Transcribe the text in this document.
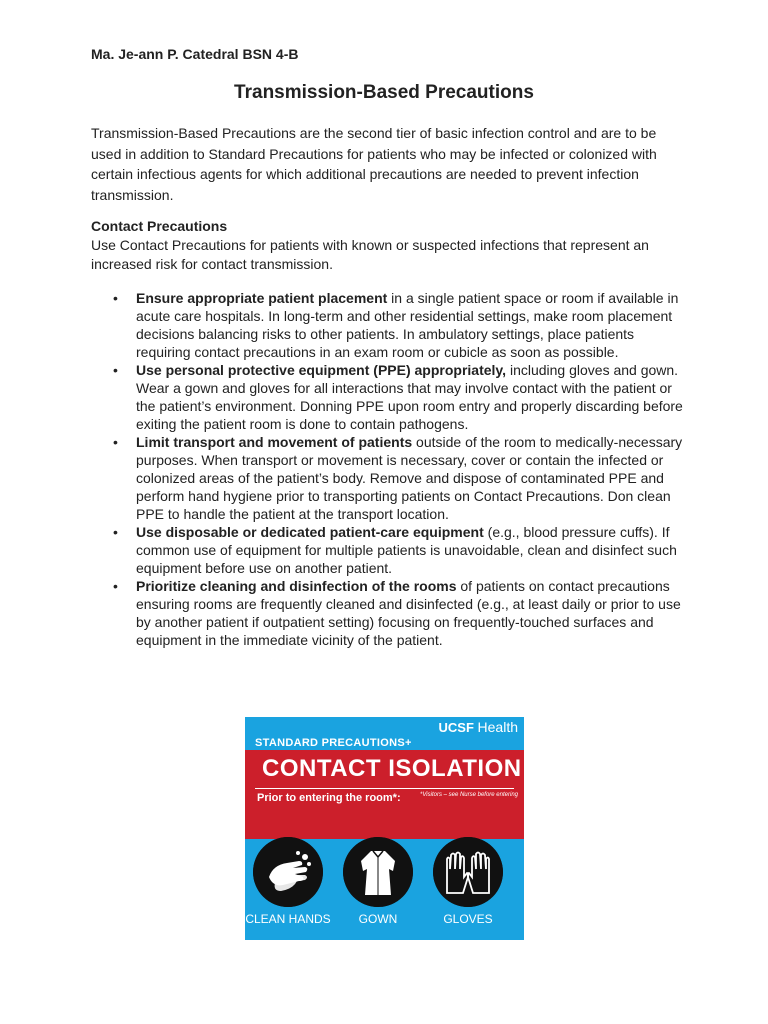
Ma. Je-ann P. Catedral BSN 4-B
Transmission-Based Precautions

Transmission-Based Precautions are the second tier of basic infection control and are to be used in addition to Standard Precautions for patients who may be infected or colonized with certain infectious agents for which additional precautions are needed to prevent infection transmission.

Contact Precautions

Use Contact Precautions for patients with known or suspected infections that represent an increased risk for contact transmission.

• Ensure appropriate patient placement in a single patient space or room if available in acute care hospitals. In long-term and other residential settings, make room placement decisions balancing risks to other patients. In ambulatory settings, place patients requiring contact precautions in an exam room or cubicle as soon as possible.
• Use personal protective equipment (PPE) appropriately, including gloves and gown. Wear a gown and gloves for all interactions that may involve contact with the patient or the patient’s environment. Donning PPE upon room entry and properly discarding before exiting the patient room is done to contain pathogens.
• Limit transport and movement of patients outside of the room to medically-necessary purposes. When transport or movement is necessary, cover or contain the infected or colonized areas of the patient’s body. Remove and dispose of contaminated PPE and perform hand hygiene prior to transporting patients on Contact Precautions. Don clean PPE to handle the patient at the transport location.
• Use disposable or dedicated patient-care equipment (e.g., blood pressure cuffs). If common use of equipment for multiple patients is unavoidable, clean and disinfect such equipment before use on another patient.
• Prioritize cleaning and disinfection of the rooms of patients on contact precautions ensuring rooms are frequently cleaned and disinfected (e.g., at least daily or prior to use by another patient if outpatient setting) focusing on frequently-touched surfaces and equipment in the immediate vicinity of the patient.
UCSF Health
STANDARD PRECAUTIONS+
CONTACT ISOLATION
Prior to entering the room*:	*Visitors – see Nurse before entering
CLEAN HANDS	GOWN	GLOVES
